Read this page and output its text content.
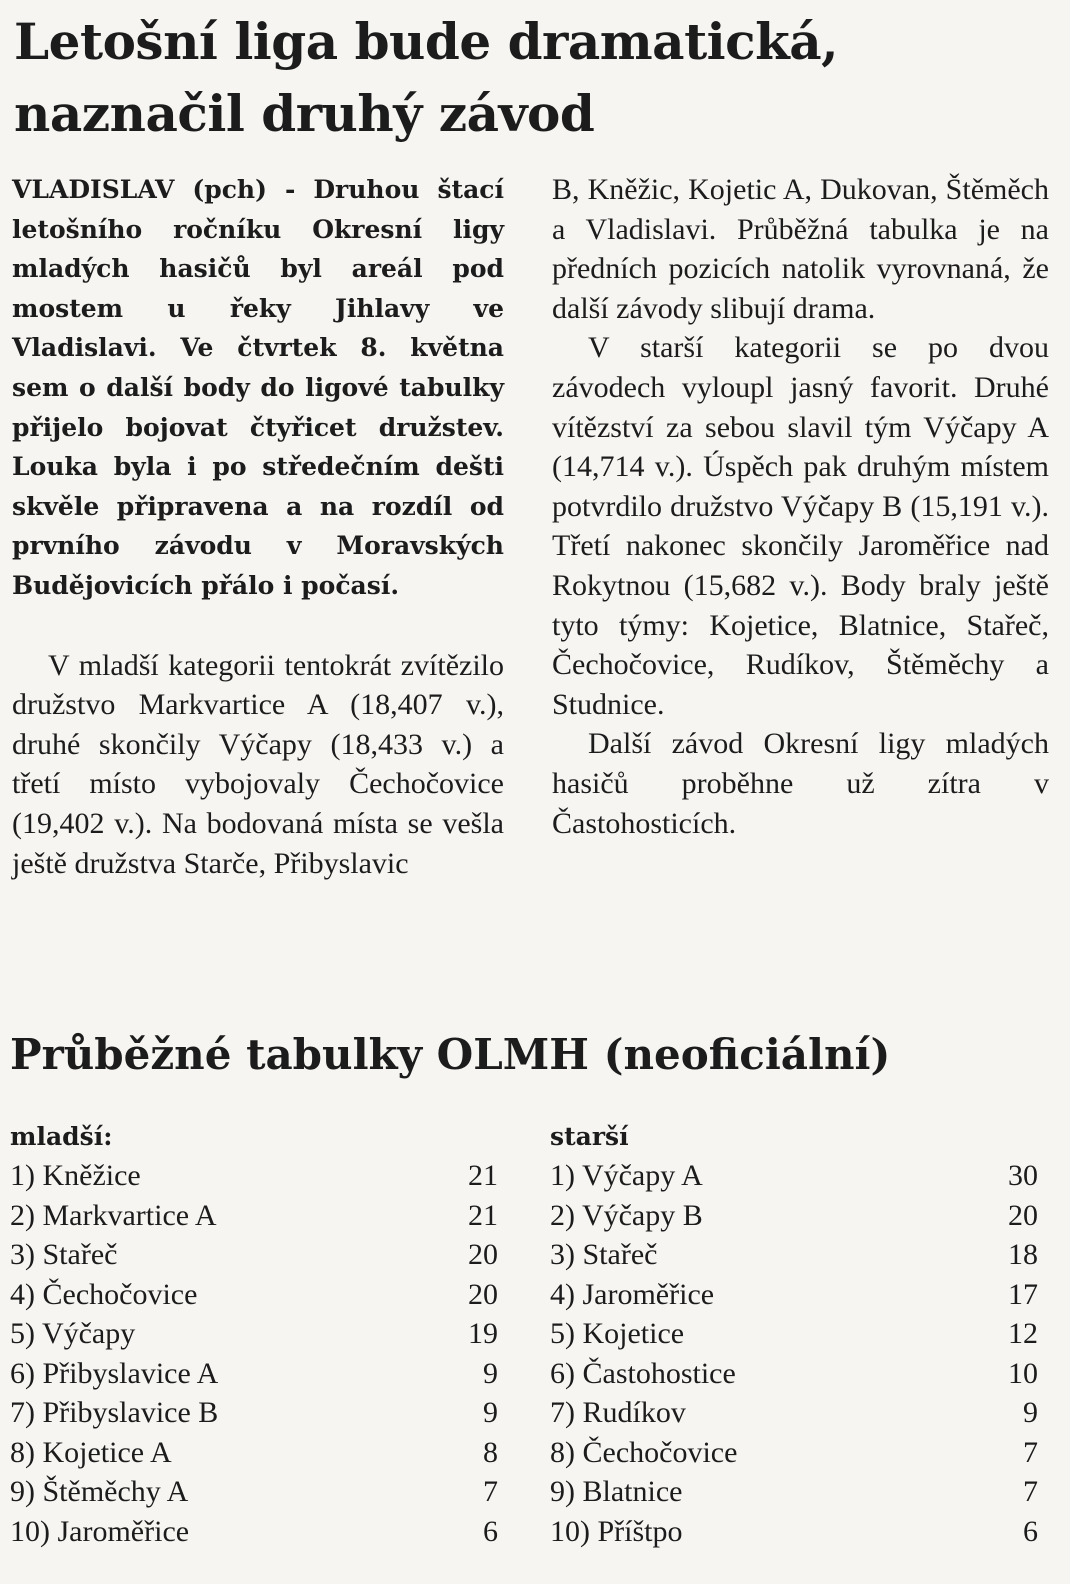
Letošní liga bude dramatická,
naznačil druhý závod

VLADISLAV (pch) - Druhou štací letošního ročníku Okresní ligy mladých hasičů byl areál pod mostem u řeky Jihlavy ve Vladislavi. Ve čtvrtek 8. května sem o další body do ligové tabulky přijelo bojovat čtyřicet družstev. Louka byla i po středečním dešti skvěle připravena a na rozdíl od prvního závodu v Moravských Budějovicích přálo i počasí.

V mladší kategorii tentokrát zvítězilo družstvo Markvartice A (18,407 v.), druhé skončily Výčapy (18,433 v.) a třetí místo vybojovaly Čechočovice (19,402 v.). Na bodovaná místa se vešla ještě družstva Starče, Přibyslavic

B, Kněžic, Kojetic A, Dukovan, Štěměch a Vladislavi. Průběžná tabulka je na předních pozicích natolik vyrovnaná, že další závody slibují drama.

V starší kategorii se po dvou závodech vyloupl jasný favorit. Druhé vítězství za sebou slavil tým Výčapy A (14,714 v.). Úspěch pak druhým místem potvrdilo družstvo Výčapy B (15,191 v.). Třetí nakonec skončily Jaroměřice nad Rokytnou (15,682 v.). Body braly ještě tyto týmy: Kojetice, Blatnice, Stařeč, Čechočovice, Rudíkov, Štěměchy a Studnice.

Další závod Okresní ligy mladých hasičů proběhne už zítra v Častohosticích.

Průběžné tabulky OLMH (neoficiální)
mladší:
1) Kněžice	21
2) Markvartice A	21
3) Stařeč	20
4) Čechočovice	20
5) Výčapy	19
6) Přibyslavice A	9
7) Přibyslavice B	9
8) Kojetice A	8
9) Štěměchy A	7
10) Jaroměřice	6
starší
1) Výčapy A	30
2) Výčapy B	20
3) Stařeč	18
4) Jaroměřice	17
5) Kojetice	12
6) Častohostice	10
7) Rudíkov	9
8) Čechočovice	7
9) Blatnice	7
10) Příštpo	6
